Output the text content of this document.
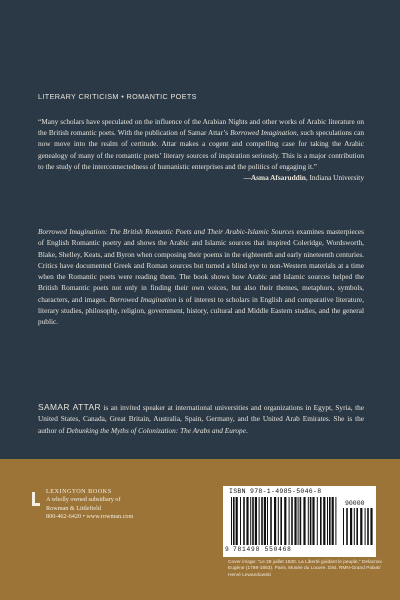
LITERARY CRITICISM • ROMANTIC POETS
“Many scholars have speculated on the influence of the Arabian Nights and other works of Arabic literature on the British romantic poets. With the publication of Samar Attar’s Borrowed Imagination, such speculations can now move into the realm of certitude. Attar makes a cogent and compelling case for taking the Arabic genealogy of many of the romantic poets’ literary sources of inspiration seriously. This is a major contribution to the study of the interconnectedness of humanistic enterprises and the politics of engaging it.”
—Asma Afsaruddin, Indiana University
Borrowed Imagination: The British Romantic Poets and Their Arabic-Islamic Sources examines masterpieces of English Romantic poetry and shows the Arabic and Islamic sources that inspired Coleridge, Wordsworth, Blake, Shelley, Keats, and Byron when composing their poems in the eighteenth and early nineteenth centuries. Critics have documented Greek and Roman sources but turned a blind eye to non-Western materials at a time when the Romantic poets were reading them. The book shows how Arabic and Islamic sources helped the British Romantic poets not only in finding their own voices, but also their themes, metaphors, symbols, characters, and images. Borrowed Imagination is of interest to scholars in English and comparative literature, literary studies, philosophy, religion, government, history, cultural and Middle Eastern studies, and the general public.
SAMAR ATTAR is an invited speaker at international universities and organizations in Egypt, Syria, the United States, Canada, Great Britain, Australia, Spain, Germany, and the United Arab Emirates. She is the author of Debunking the Myths of Colonization: The Arabs and Europe.
LEXINGTON BOOKS
A wholly owned subsidiary of
Rowman & Littlefield
800-462-6420 • www.rowman.com
ISBN 978-1-4985-5046-8
90000
9 781498 550468
Cover image: “Le 28 juillet 1830. La Liberté guidant le peuple,” Delacroix Eugène (1798-1863). Paris, Musée du Louvre. Dist. RMN-Grand Palais/ Hervé Lewandowski
